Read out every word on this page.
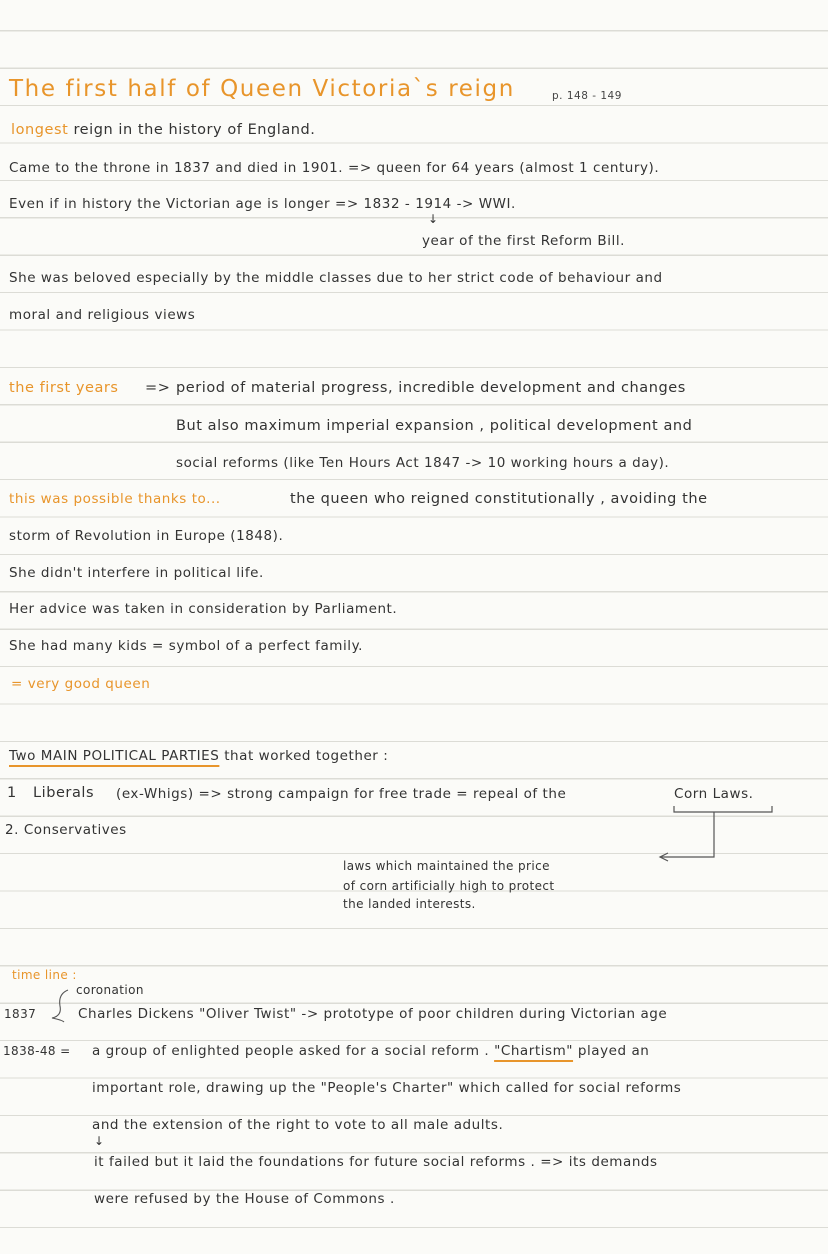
The first half of Queen Victoria`s reign	p. 148 - 149
longest reign in the history of England.
Came to the throne in 1837 and died in 1901. => queen for 64 years (almost 1 century).
Even if in history the Victorian age is longer => 1832 - 1914 -> WWI.
↓
year of the first Reform Bill.
She was beloved especially by the middle classes due to her strict code of behaviour and
moral and religious views
the first years => period of material progress, incredible development and changes
But also maximum imperial expansion , political development and
social reforms (like Ten Hours Act 1847 -> 10 working hours a day).
this was possible thanks to...	the queen who reigned constitutionally , avoiding the
storm of Revolution in Europe (1848).
She didn't interfere in political life.
Her advice was taken in consideration by Parliament.
She had many kids = symbol of a perfect family.
= very good queen
Two MAIN POLITICAL PARTIES that worked together :
1 Liberals (ex-Whigs) => strong campaign for free trade = repeal of the	Corn Laws.
2. Conservatives
laws which maintained the price
of corn artificially high to protect
the landed interests.
time line :
coronation
1837	Charles Dickens "Oliver Twist" -> prototype of poor children during Victorian age
1838-48 = a group of enlighted people asked for a social reform . "Chartism" played an
important role, drawing up the "People's Charter" which called for social reforms
and the extension of the right to vote to all male adults.
↓
it failed but it laid the foundations for future social reforms . => its demands
were refused by the House of Commons .
